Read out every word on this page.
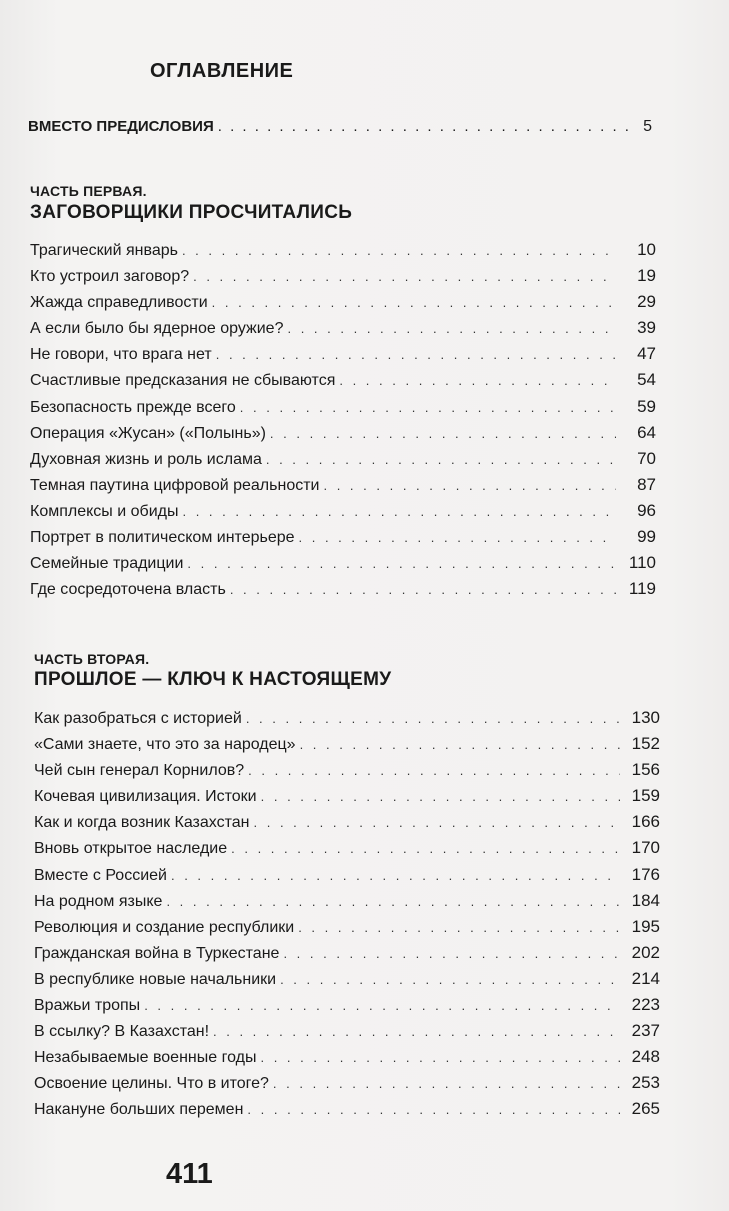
ОГЛАВЛЕНИЕ
ВМЕСТО ПРЕДИСЛОВИЯ . . .	5
ЧАСТЬ ПЕРВАЯ.
ЗАГОВОРЩИКИ ПРОСЧИТАЛИСЬ
Трагический январь . . .	10
Кто устроил заговор? . . .	19
Жажда справедливости . . .	29
А если было бы ядерное оружие? . . .	39
Не говори, что врага нет . . .	47
Счастливые предсказания не сбываются . . .	54
Безопасность прежде всего . . .	59
Операция «Жусан» («Полынь») . . .	64
Духовная жизнь и роль ислама . . .	70
Темная паутина цифровой реальности . . .	87
Комплексы и обиды . . .	96
Портрет в политическом интерьере . . .	99
Семейные традиции . . .	110
Где сосредоточена власть . . .	119
ЧАСТЬ ВТОРАЯ.
ПРОШЛОЕ — КЛЮЧ К НАСТОЯЩЕМУ
Как разобраться с историей . . .	130
«Сами знаете, что это за народец» . . .	152
Чей сын генерал Корнилов? . . .	156
Кочевая цивилизация. Истоки . . .	159
Как и когда возник Казахстан . . .	166
Вновь открытое наследие . . .	170
Вместе с Россией . . .	176
На родном языке . . .	184
Революция и создание республики . . .	195
Гражданская война в Туркестане . . .	202
В республике новые начальники . . .	214
Вражьи тропы . . .	223
В ссылку? В Казахстан! . . .	237
Незабываемые военные годы . . .	248
Освоение целины. Что в итоге? . . .	253
Накануне больших перемен . . .	265
411
